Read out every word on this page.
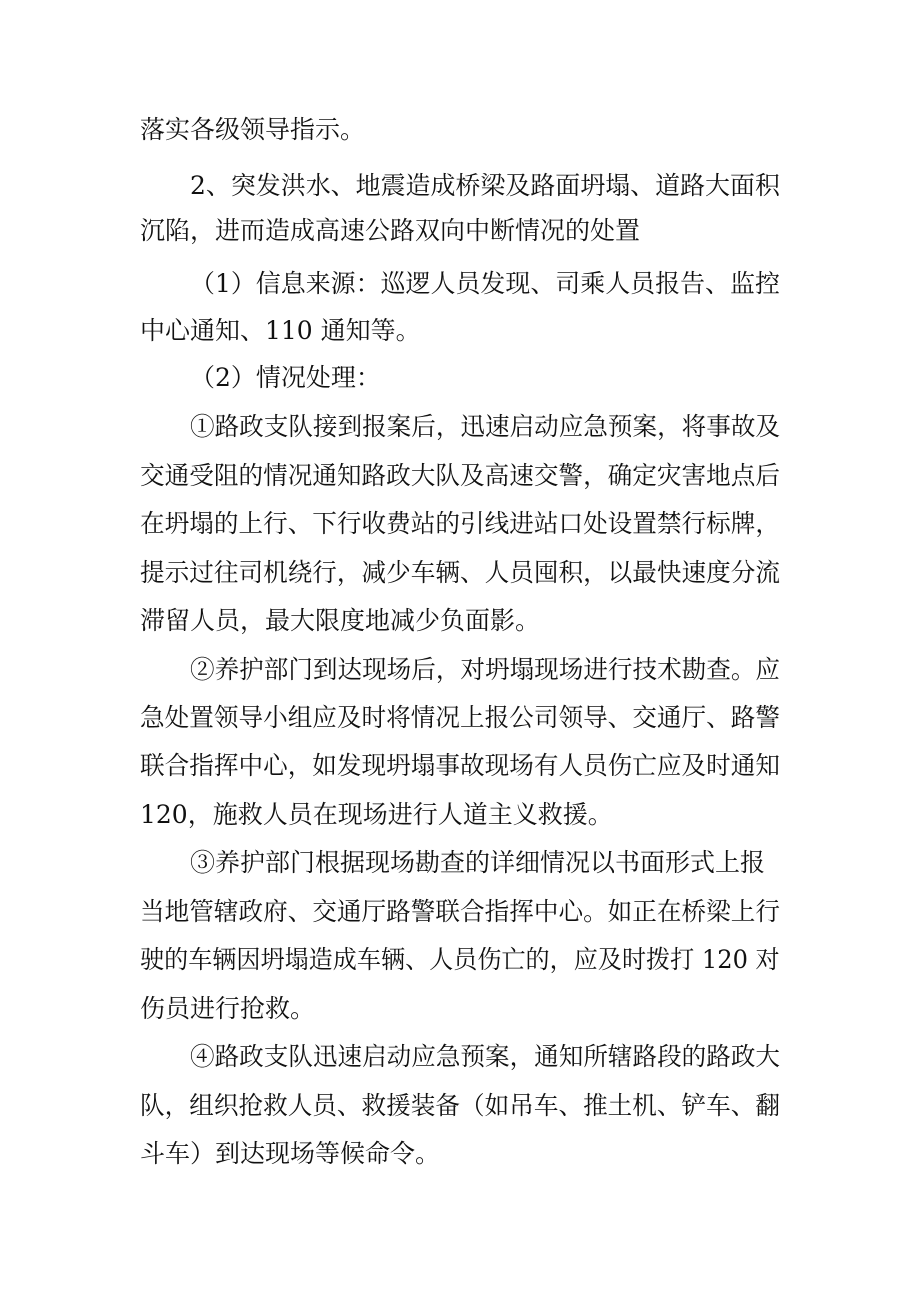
落实各级领导指示。
2、突发洪水、地震造成桥梁及路面坍塌、道路大面积
沉陷，进而造成高速公路双向中断情况的处置
（1）信息来源：巡逻人员发现、司乘人员报告、监控
中心通知、110 通知等。
（2）情况处理：
①路政支队接到报案后，迅速启动应急预案，将事故及
交通受阻的情况通知路政大队及高速交警，确定灾害地点后
在坍塌的上行、下行收费站的引线进站口处设置禁行标牌，
提示过往司机绕行，减少车辆、人员囤积，以最快速度分流
滞留人员，最大限度地减少负面影。
②养护部门到达现场后，对坍塌现场进行技术勘查。应
急处置领导小组应及时将情况上报公司领导、交通厅、路警
联合指挥中心，如发现坍塌事故现场有人员伤亡应及时通知
120，施救人员在现场进行人道主义救援。
③养护部门根据现场勘查的详细情况以书面形式上报
当地管辖政府、交通厅路警联合指挥中心。如正在桥梁上行
驶的车辆因坍塌造成车辆、人员伤亡的，应及时拨打 120 对
伤员进行抢救。
④路政支队迅速启动应急预案，通知所辖路段的路政大
队，组织抢救人员、救援装备（如吊车、推土机、铲车、翻
斗车）到达现场等候命令。
